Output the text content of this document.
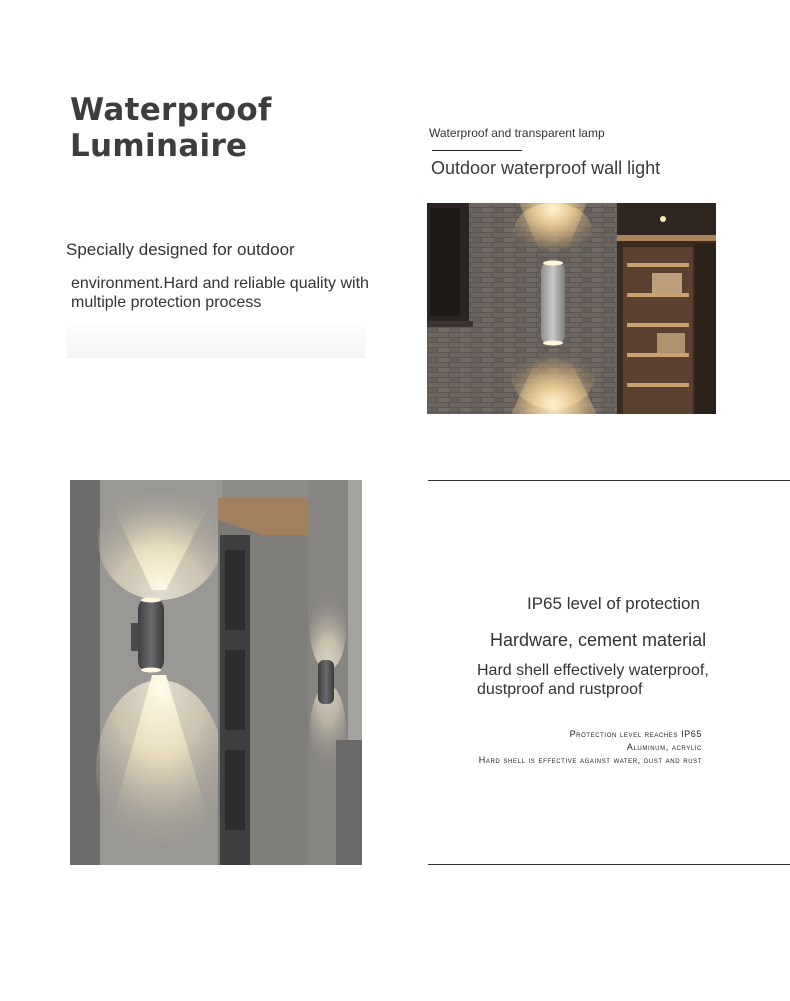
Waterproof
Luminaire	Waterproof and transparent lamp
Outdoor waterproof wall light
Specially designed for outdoor
environment.Hard and reliable quality with multiple protection process
IP65 level of protection
Hardware, cement material
Hard shell effectively waterproof, dustproof and rustproof
Protection level reaches IP65
Aluminum, acrylic
Hard shell is effective against water, dust and rust
